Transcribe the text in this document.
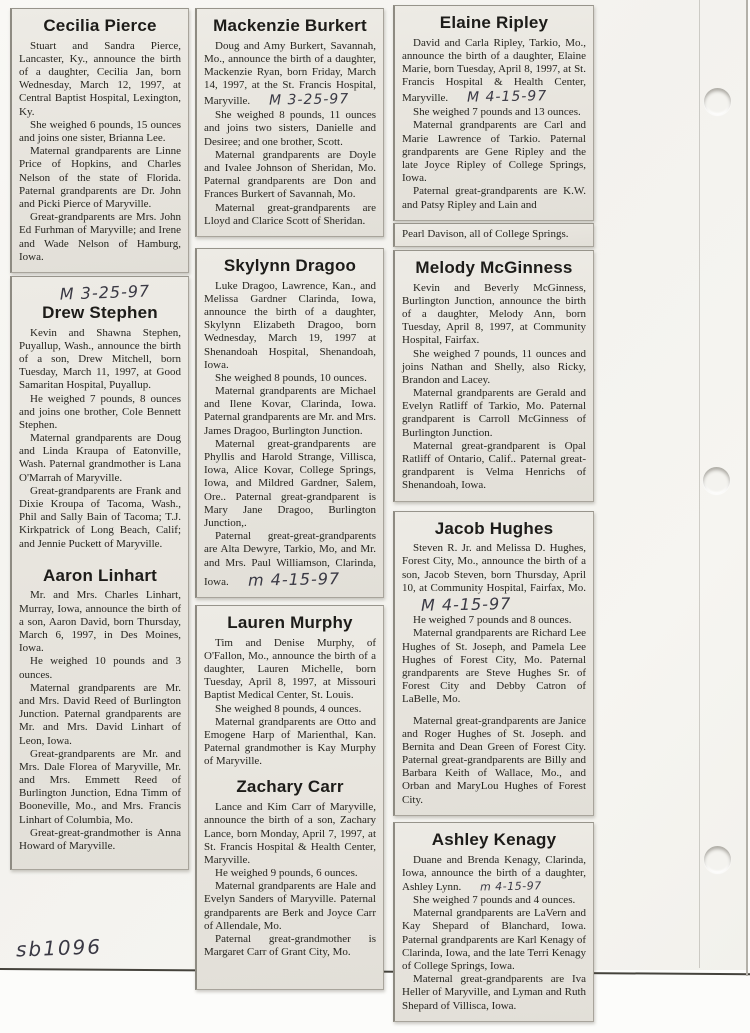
Cecilia Pierce

Stuart and Sandra Pierce, Lancaster, Ky., announce the birth of a daughter, Cecilia Jan, born Wednesday, March 12, 1997, at Central Baptist Hospital, Lexington, Ky.

She weighed 6 pounds, 15 ounces and joins one sister, Brianna Lee.

Maternal grandparents are Linne Price of Hopkins, and Charles Nelson of the state of Florida. Paternal grandparents are Dr. John and Picki Pierce of Maryville.

Great-grandparents are Mrs. John Ed Furhman of Maryville; and Irene and Wade Nelson of Hamburg, Iowa.

M 3-25-97
Drew Stephen

Kevin and Shawna Stephen, Puyallup, Wash., announce the birth of a son, Drew Mitchell, born Tuesday, March 11, 1997, at Good Samaritan Hospital, Puyallup.

He weighed 7 pounds, 8 ounces and joins one brother, Cole Bennett Stephen.

Maternal grandparents are Doug and Linda Kraupa of Eatonville, Wash. Paternal grandmother is Lana O'Marrah of Maryville.

Great-grandparents are Frank and Dixie Kroupa of Tacoma, Wash., Phil and Sally Bain of Tacoma; T.J. Kirkpatrick of Long Beach, Calif; and Jennie Puckett of Maryville.

Aaron Linhart

Mr. and Mrs. Charles Linhart, Murray, Iowa, announce the birth of a son, Aaron David, born Thursday, March 6, 1997, in Des Moines, Iowa.

He weighed 10 pounds and 3 ounces.

Maternal grandparents are Mr. and Mrs. David Reed of Burlington Junction. Paternal grandparents are Mr. and Mrs. David Linhart of Leon, Iowa.

Great-grandparents are Mr. and Mrs. Dale Florea of Maryville, Mr. and Mrs. Emmett Reed of Burlington Junction, Edna Timm of Booneville, Mo., and Mrs. Francis Linhart of Columbia, Mo.

Great-great-grandmother is Anna Howard of Maryville.

Mackenzie Burkert

Doug and Amy Burkert, Savannah, Mo., announce the birth of a daughter, Mackenzie Ryan, born Friday, March 14, 1997, at the St. Francis Hospital, Maryville. M 3-25-97

She weighed 8 pounds, 11 ounces and joins two sisters, Danielle and Desiree; and one brother, Scott.

Maternal grandparents are Doyle and Ivalee Johnson of Sheridan, Mo. Paternal grandparents are Don and Frances Burkert of Savannah, Mo.

Maternal great-grandparents are Lloyd and Clarice Scott of Sheridan.

Skylynn Dragoo

Luke Dragoo, Lawrence, Kan., and Melissa Gardner Clarinda, Iowa, announce the birth of a daughter, Skylynn Elizabeth Dragoo, born Wednesday, March 19, 1997 at Shenandoah Hospital, Shenandoah, Iowa.

She weighed 8 pounds, 10 ounces.

Maternal grandparents are Michael and Ilene Kovar, Clarinda, Iowa. Paternal grandparents are Mr. and Mrs. James Dragoo, Burlington Junction.

Maternal great-grandparents are Phyllis and Harold Strange, Villisca, Iowa, Alice Kovar, College Springs, Iowa, and Mildred Gardner, Salem, Ore.. Paternal great-grandparent is Mary Jane Dragoo, Burlington Junction,.

Paternal great-great-grandparents are Alta Dewyre, Tarkio, Mo, and Mr. and Mrs. Paul Williamson, Clarinda, Iowa. m 4-15-97

Lauren Murphy

Tim and Denise Murphy, of O'Fallon, Mo., announce the birth of a daughter, Lauren Michelle, born Tuesday, April 8, 1997, at Missouri Baptist Medical Center, St. Louis.

She weighed 8 pounds, 4 ounces.

Maternal grandparents are Otto and Emogene Harp of Marienthal, Kan. Paternal grandmother is Kay Murphy of Maryville.

Zachary Carr

Lance and Kim Carr of Maryville, announce the birth of a son, Zachary Lance, born Monday, April 7, 1997, at St. Francis Hospital & Health Center, Maryville.

He weighed 9 pounds, 6 ounces.

Maternal grandparents are Hale and Evelyn Sanders of Maryville. Paternal grandparents are Berk and Joyce Carr of Allendale, Mo.

Paternal great-grandmother is Margaret Carr of Grant City, Mo.

Elaine Ripley

David and Carla Ripley, Tarkio, Mo., announce the birth of a daughter, Elaine Marie, born Tuesday, April 8, 1997, at St. Francis Hospital & Health Center, Maryville. M 4-15-97

She weighed 7 pounds and 13 ounces.

Maternal grandparents are Carl and Marie Lawrence of Tarkio. Paternal grandparents are Gene Ripley and the late Joyce Ripley of College Springs, Iowa.

Paternal great-grandparents are K.W. and Patsy Ripley and Lain and

Pearl Davison, all of College Springs.

Melody McGinness

Kevin and Beverly McGinness, Burlington Junction, announce the birth of a daughter, Melody Ann, born Tuesday, April 8, 1997, at Community Hospital, Fairfax.

She weighed 7 pounds, 11 ounces and joins Nathan and Shelly, also Ricky, Brandon and Lacey.

Maternal grandparents are Gerald and Evelyn Ratliff of Tarkio, Mo. Paternal grandparent is Carroll McGinness of Burlington Junction.

Maternal great-grandparent is Opal Ratliff of Ontario, Calif.. Paternal great-grandparent is Velma Henrichs of Shenandoah, Iowa.

Jacob Hughes

Steven R. Jr. and Melissa D. Hughes, Forest City, Mo., announce the birth of a son, Jacob Steven, born Thursday, April 10, at Community Hospital, Fairfax, Mo.M 4-15-97

He weighed 7 pounds and 8 ounces.

Maternal grandparents are Richard Lee Hughes of St. Joseph, and Pamela Lee Hughes of Forest City, Mo. Paternal grandparents are Steve Hughes Sr. of Forest City and Debby Catron of LaBelle, Mo.

Maternal great-grandparents are Janice and Roger Hughes of St. Joseph. and Bernita and Dean Green of Forest City. Paternal great-grandparents are Billy and Barbara Keith of Wallace, Mo., and Orban and MaryLou Hughes of Forest City.

Ashley Kenagy

Duane and Brenda Kenagy, Clarinda, Iowa, announce the birth of a daughter, Ashley Lynn. m 4-15-97

She weighed 7 pounds and 4 ounces.

Maternal grandparents are LaVern and Kay Shepard of Blanchard, Iowa. Paternal grandparents are Karl Kenagy of Clarinda, Iowa, and the late Terri Kenagy of College Springs, Iowa.

Maternal great-grandparents are Iva Heller of Maryville, and Lyman and Ruth Shepard of Villisca, Iowa.

sb1096
